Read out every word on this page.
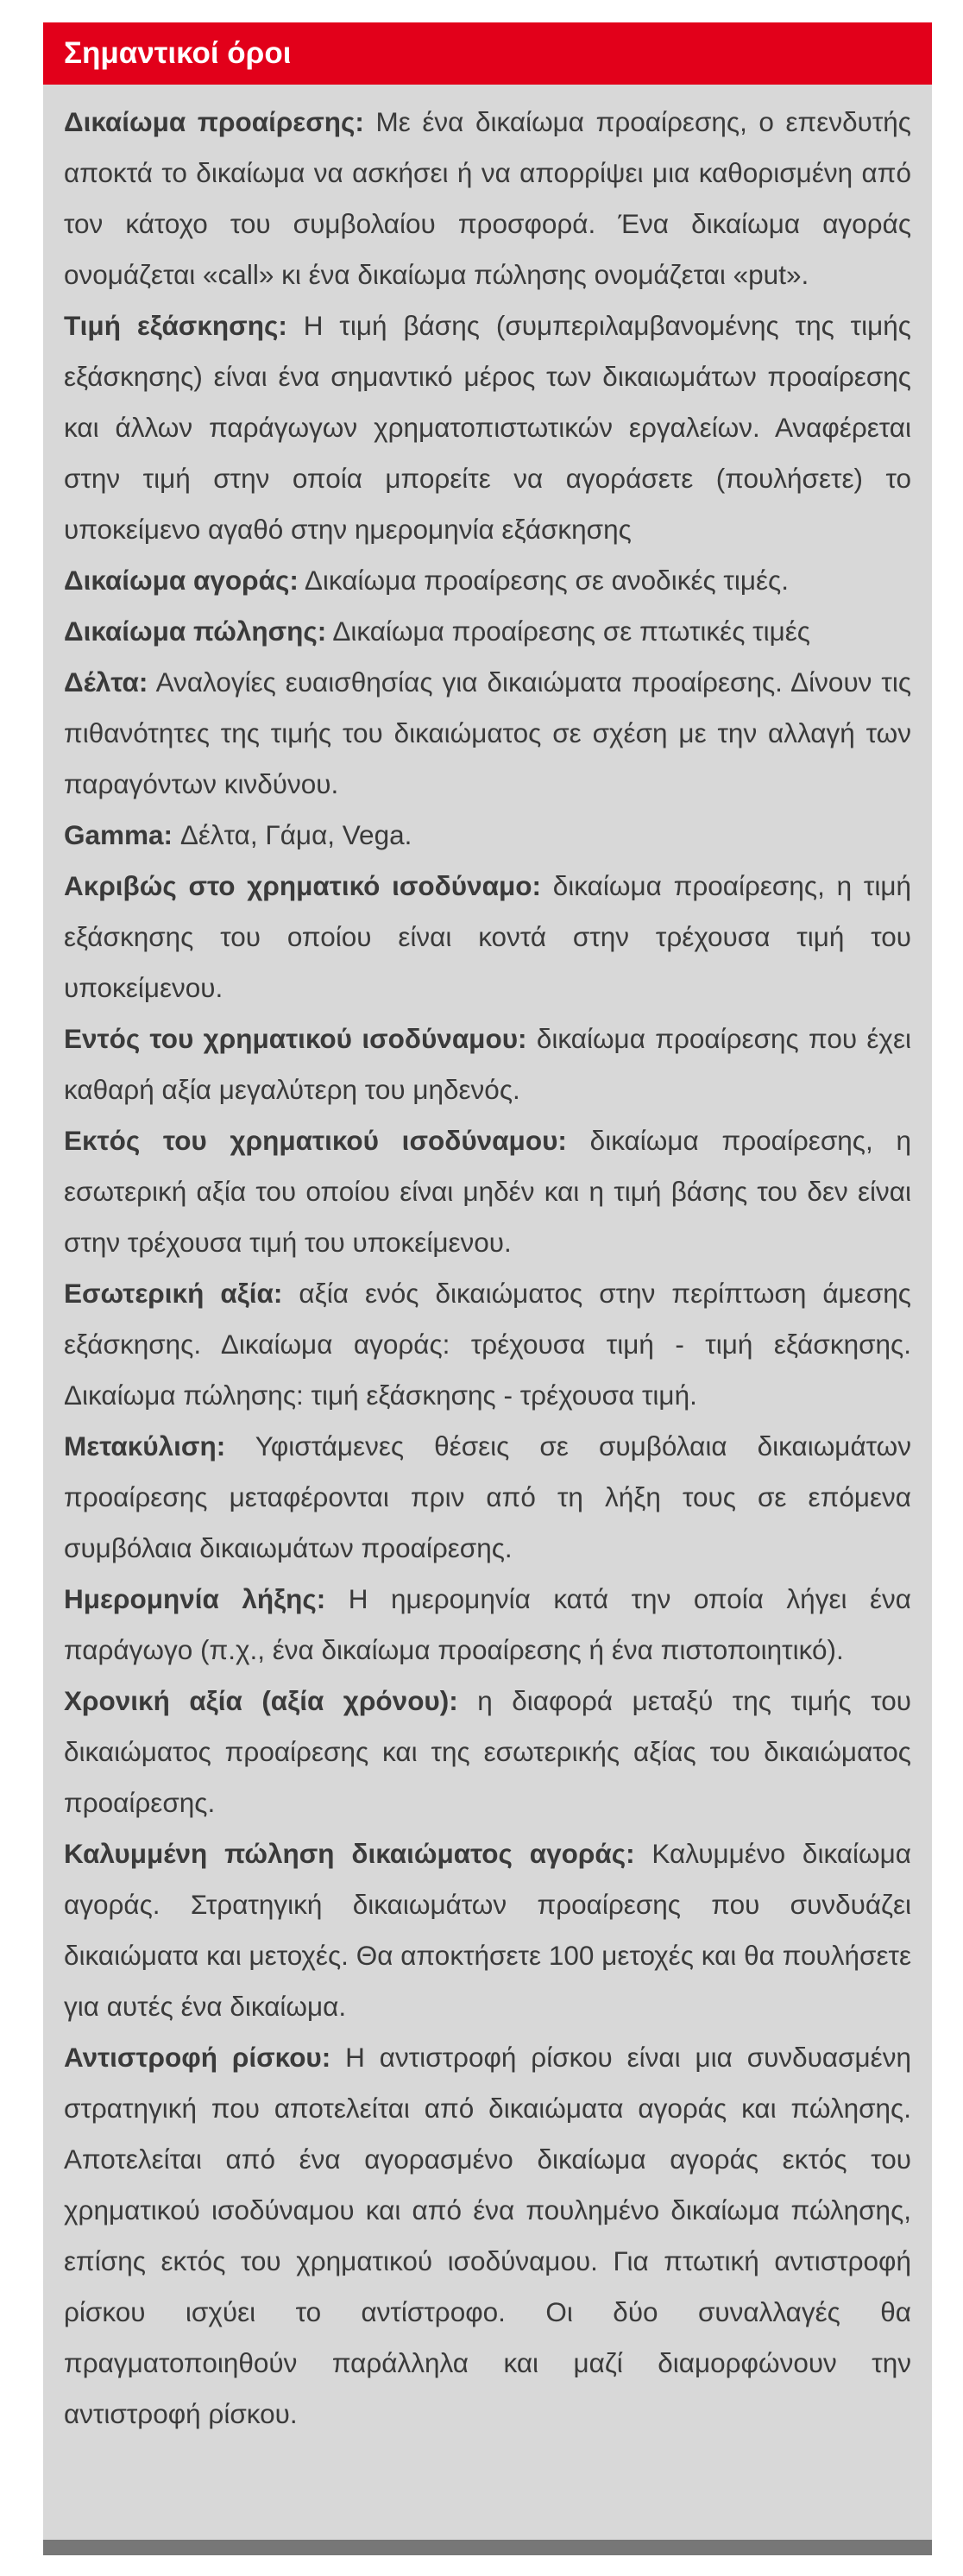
Σημαντικοί όροι

Δικαίωμα προαίρεσης: Με ένα δικαίωμα προαίρεσης, ο επενδυτής αποκτά το δικαίωμα να ασκήσει ή να απορρίψει μια καθορισμένη από τον κάτοχο του συμβολαίου προσφορά. Ένα δικαίωμα αγοράς ονομάζεται «call» κι ένα δικαίωμα πώλησης ονομάζεται «put».

Τιμή εξάσκησης: Η τιμή βάσης (συμπεριλαμβανομένης της τιμής εξάσκησης) είναι ένα σημαντικό μέρος των δικαιωμάτων προαίρεσης και άλλων παράγωγων χρηματοπιστωτικών εργαλείων. Αναφέρεται στην τιμή στην οποία μπορείτε να αγοράσετε (πουλήσετε) το υποκείμενο αγαθό στην ημερομηνία εξάσκησης

Δικαίωμα αγοράς: Δικαίωμα προαίρεσης σε ανοδικές τιμές.

Δικαίωμα πώλησης: Δικαίωμα προαίρεσης σε πτωτικές τιμές

Δέλτα: Αναλογίες ευαισθησίας για δικαιώματα προαίρεσης. Δίνουν τις πιθανότητες της τιμής του δικαιώματος σε σχέση με την αλλαγή των παραγόντων κινδύνου.

Gamma: Δέλτα, Γάμα, Vega.

Ακριβώς στο χρηματικό ισοδύναμο: δικαίωμα προαίρεσης, η τιμή εξάσκησης του οποίου είναι κοντά στην τρέχουσα τιμή του υποκείμενου.

Εντός του χρηματικού ισοδύναμου: δικαίωμα προαίρεσης που έχει καθαρή αξία μεγαλύτερη του μηδενός.

Εκτός του χρηματικού ισοδύναμου: δικαίωμα προαίρεσης, η εσωτερική αξία του οποίου είναι μηδέν και η τιμή βάσης του δεν είναι στην τρέχουσα τιμή του υποκείμενου.

Εσωτερική αξία: αξία ενός δικαιώματος στην περίπτωση άμεσης εξάσκησης. Δικαίωμα αγοράς: τρέχουσα τιμή - τιμή εξάσκησης. Δικαίωμα πώλησης: τιμή εξάσκησης - τρέχουσα τιμή.

Μετακύλιση: Υφιστάμενες θέσεις σε συμβόλαια δικαιωμάτων προαίρεσης μεταφέρονται πριν από τη λήξη τους σε επόμενα συμβόλαια δικαιωμάτων προαίρεσης.

Ημερομηνία λήξης: Η ημερομηνία κατά την οποία λήγει ένα παράγωγο (π.χ., ένα δικαίωμα προαίρεσης ή ένα πιστοποιητικό).

Χρονική αξία (αξία χρόνου): η διαφορά μεταξύ της τιμής του δικαιώματος προαίρεσης και της εσωτερικής αξίας του δικαιώματος προαίρεσης.

Καλυμμένη πώληση δικαιώματος αγοράς: Καλυμμένο δικαίωμα αγοράς. Στρατηγική δικαιωμάτων προαίρεσης που συνδυάζει δικαιώματα και μετοχές. Θα αποκτήσετε 100 μετοχές και θα πουλήσετε για αυτές ένα δικαίωμα.

Αντιστροφή ρίσκου: Η αντιστροφή ρίσκου είναι μια συνδυασμένη στρατηγική που αποτελείται από δικαιώματα αγοράς και πώλησης. Αποτελείται από ένα αγορασμένο δικαίωμα αγοράς εκτός του χρηματικού ισοδύναμου και από ένα πουλημένο δικαίωμα πώλησης, επίσης εκτός του χρηματικού ισοδύναμου. Για πτωτική αντιστροφή ρίσκου ισχύει το αντίστροφο. Οι δύο συναλλαγές θα πραγματοποιηθούν παράλληλα και μαζί διαμορφώνουν την αντιστροφή ρίσκου.
